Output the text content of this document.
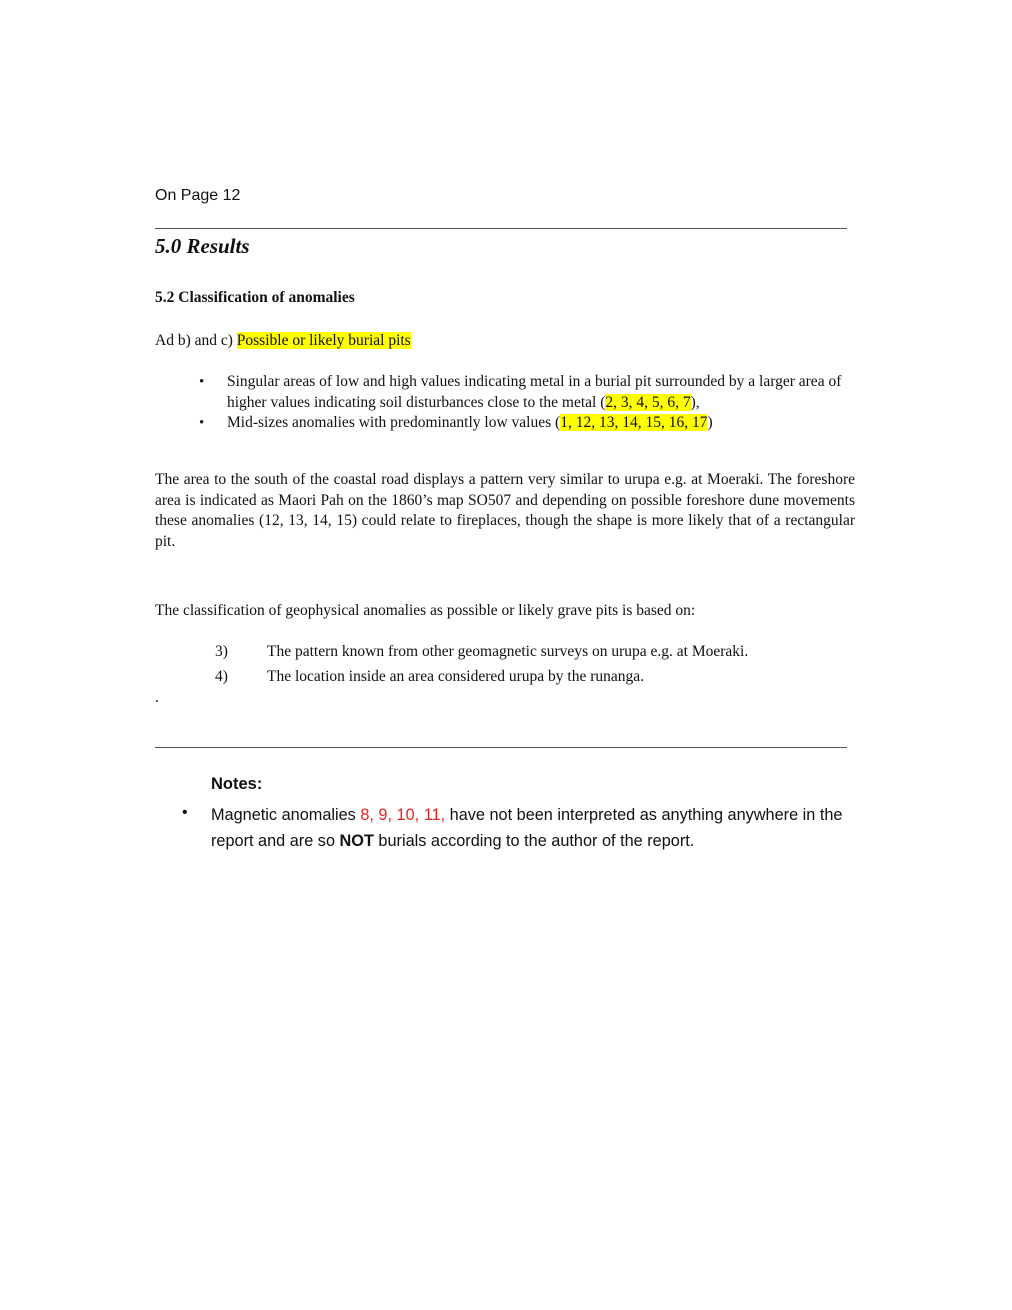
On Page 12
5.0 Results
5.2 Classification of anomalies
Ad b) and c) Possible or likely burial pits
• Singular areas of low and high values indicating metal in a burial pit surrounded by a larger area of higher values indicating soil disturbances close to the metal (2, 3, 4, 5, 6, 7),
• Mid-sizes anomalies with predominantly low values (1, 12, 13, 14, 15, 16, 17)
The area to the south of the coastal road displays a pattern very similar to urupa e.g. at Moeraki. The foreshore area is indicated as Maori Pah on the 1860’s map SO507 and depending on possible foreshore dune movements these anomalies (12, 13, 14, 15) could relate to fireplaces, though the shape is more likely that of a rectangular pit.
The classification of geophysical anomalies as possible or likely grave pits is based on:
3)	The pattern known from other geomagnetic surveys on urupa e.g. at Moeraki.
4)	The location inside an area considered urupa by the runanga.
.
Notes:
• Magnetic anomalies 8, 9, 10, 11, have not been interpreted as anything anywhere in the report and are so NOT burials according to the author of the report.
